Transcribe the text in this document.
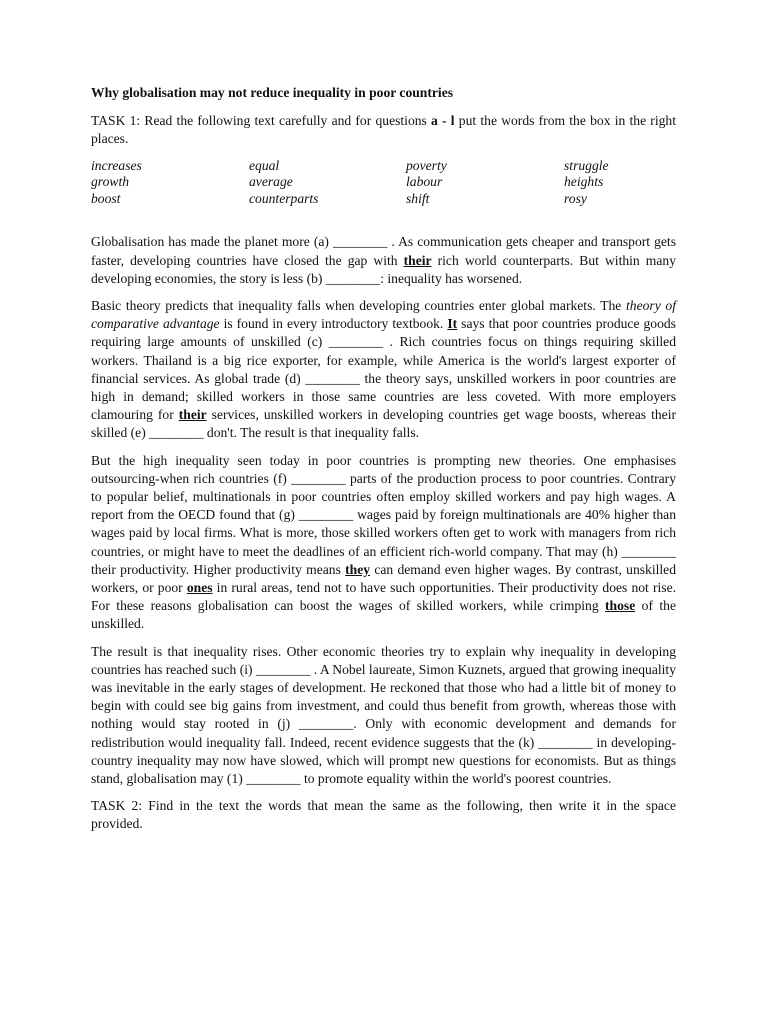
Why globalisation may not reduce inequality in poor countries

TASK 1: Read the following text carefully and for questions a - l put the words from the box in the right places.

increases	equal	poverty	struggle
growth	average	labour	heights
boost	counterparts	shift	rosy

Globalisation has made the planet more (a) ________ . As communication gets cheaper and transport gets faster, developing countries have closed the gap with their rich world counterparts. But within many developing economies, the story is less (b) ________: inequality has worsened.

Basic theory predicts that inequality falls when developing countries enter global markets. The theory of comparative advantage is found in every introductory textbook. It says that poor countries produce goods requiring large amounts of unskilled (c) ________ . Rich countries focus on things requiring skilled workers. Thailand is a big rice exporter, for example, while America is the world's largest exporter of financial services. As global trade (d) ________ the theory says, unskilled workers in poor countries are high in demand; skilled workers in those same countries are less coveted. With more employers clamouring for their services, unskilled workers in developing countries get wage boosts, whereas their skilled (e) ________ don't. The result is that inequality falls.

But the high inequality seen today in poor countries is prompting new theories. One emphasises outsourcing-when rich countries (f) ________ parts of the production process to poor countries. Contrary to popular belief, multinationals in poor countries often employ skilled workers and pay high wages. A report from the OECD found that (g) ________ wages paid by foreign multinationals are 40% higher than wages paid by local firms. What is more, those skilled workers often get to work with managers from rich countries, or might have to meet the deadlines of an efficient rich-world company. That may (h) ________ their productivity. Higher productivity means they can demand even higher wages. By contrast, unskilled workers, or poor ones in rural areas, tend not to have such opportunities. Their productivity does not rise. For these reasons globalisation can boost the wages of skilled workers, while crimping those of the unskilled.

The result is that inequality rises. Other economic theories try to explain why inequality in developing countries has reached such (i) ________ . A Nobel laureate, Simon Kuznets, argued that growing inequality was inevitable in the early stages of development. He reckoned that those who had a little bit of money to begin with could see big gains from investment, and could thus benefit from growth, whereas those with nothing would stay rooted in (j) ________. Only with economic development and demands for redistribution would inequality fall. Indeed, recent evidence suggests that the (k) ________ in developing-country inequality may now have slowed, which will prompt new questions for economists. But as things stand, globalisation may (1) ________ to promote equality within the world's poorest countries.

TASK 2: Find in the text the words that mean the same as the following, then write it in the space provided.
